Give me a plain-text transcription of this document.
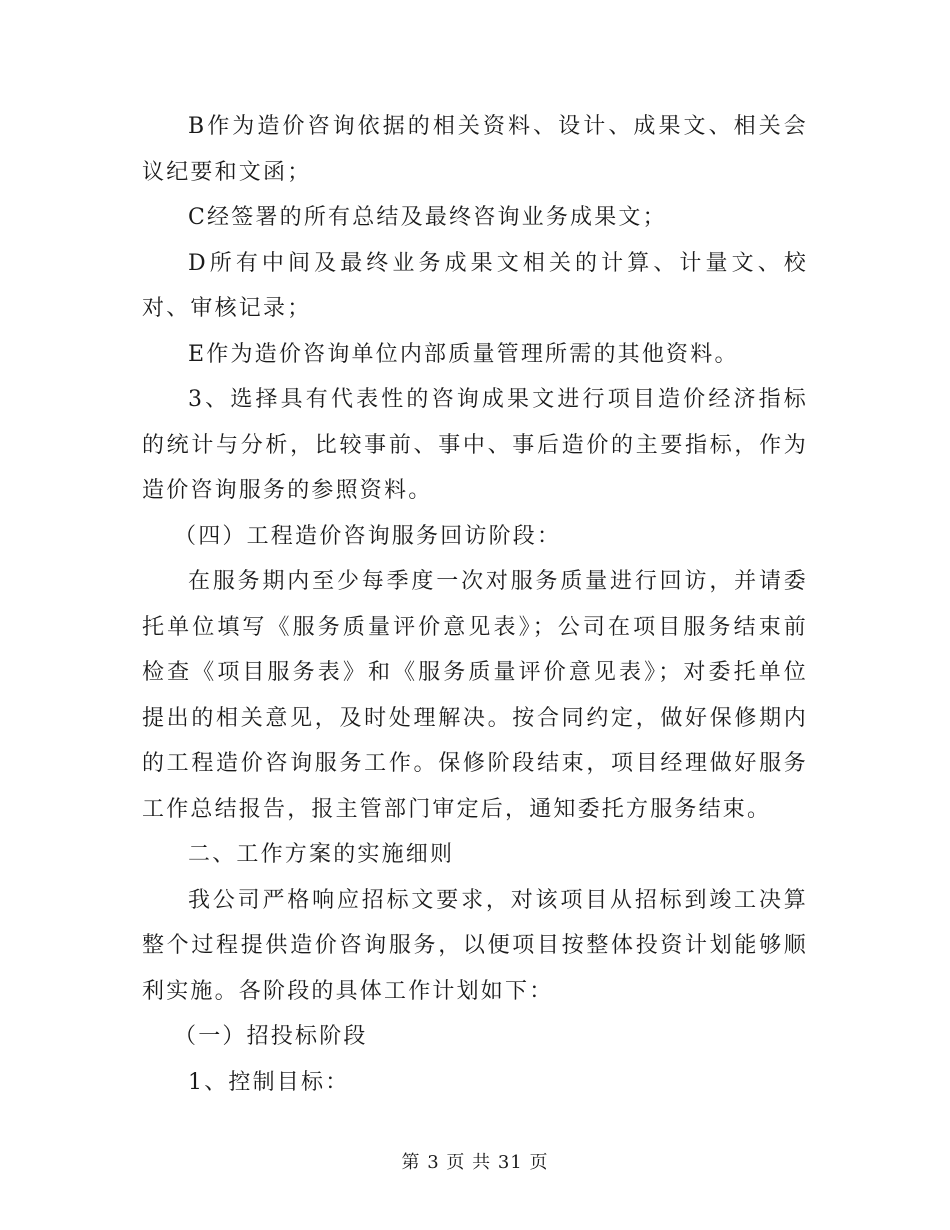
B作为造价咨询依据的相关资料、设计、成果文、相关会议纪要和文函；

C经签署的所有总结及最终咨询业务成果文；

D所有中间及最终业务成果文相关的计算、计量文、校对、审核记录；

E作为造价咨询单位内部质量管理所需的其他资料。

3、选择具有代表性的咨询成果文进行项目造价经济指标的统计与分析，比较事前、事中、事后造价的主要指标，作为造价咨询服务的参照资料。

（四）工程造价咨询服务回访阶段：

在服务期内至少每季度一次对服务质量进行回访，并请委托单位填写《服务质量评价意见表》；公司在项目服务结束前检查《项目服务表》和《服务质量评价意见表》；对委托单位提出的相关意见，及时处理解决。按合同约定，做好保修期内的工程造价咨询服务工作。保修阶段结束，项目经理做好服务工作总结报告，报主管部门审定后，通知委托方服务结束。

二、工作方案的实施细则

我公司严格响应招标文要求，对该项目从招标到竣工决算整个过程提供造价咨询服务，以便项目按整体投资计划能够顺利实施。各阶段的具体工作计划如下：

（一）招投标阶段

1、控制目标：

第 3 页 共 31 页
